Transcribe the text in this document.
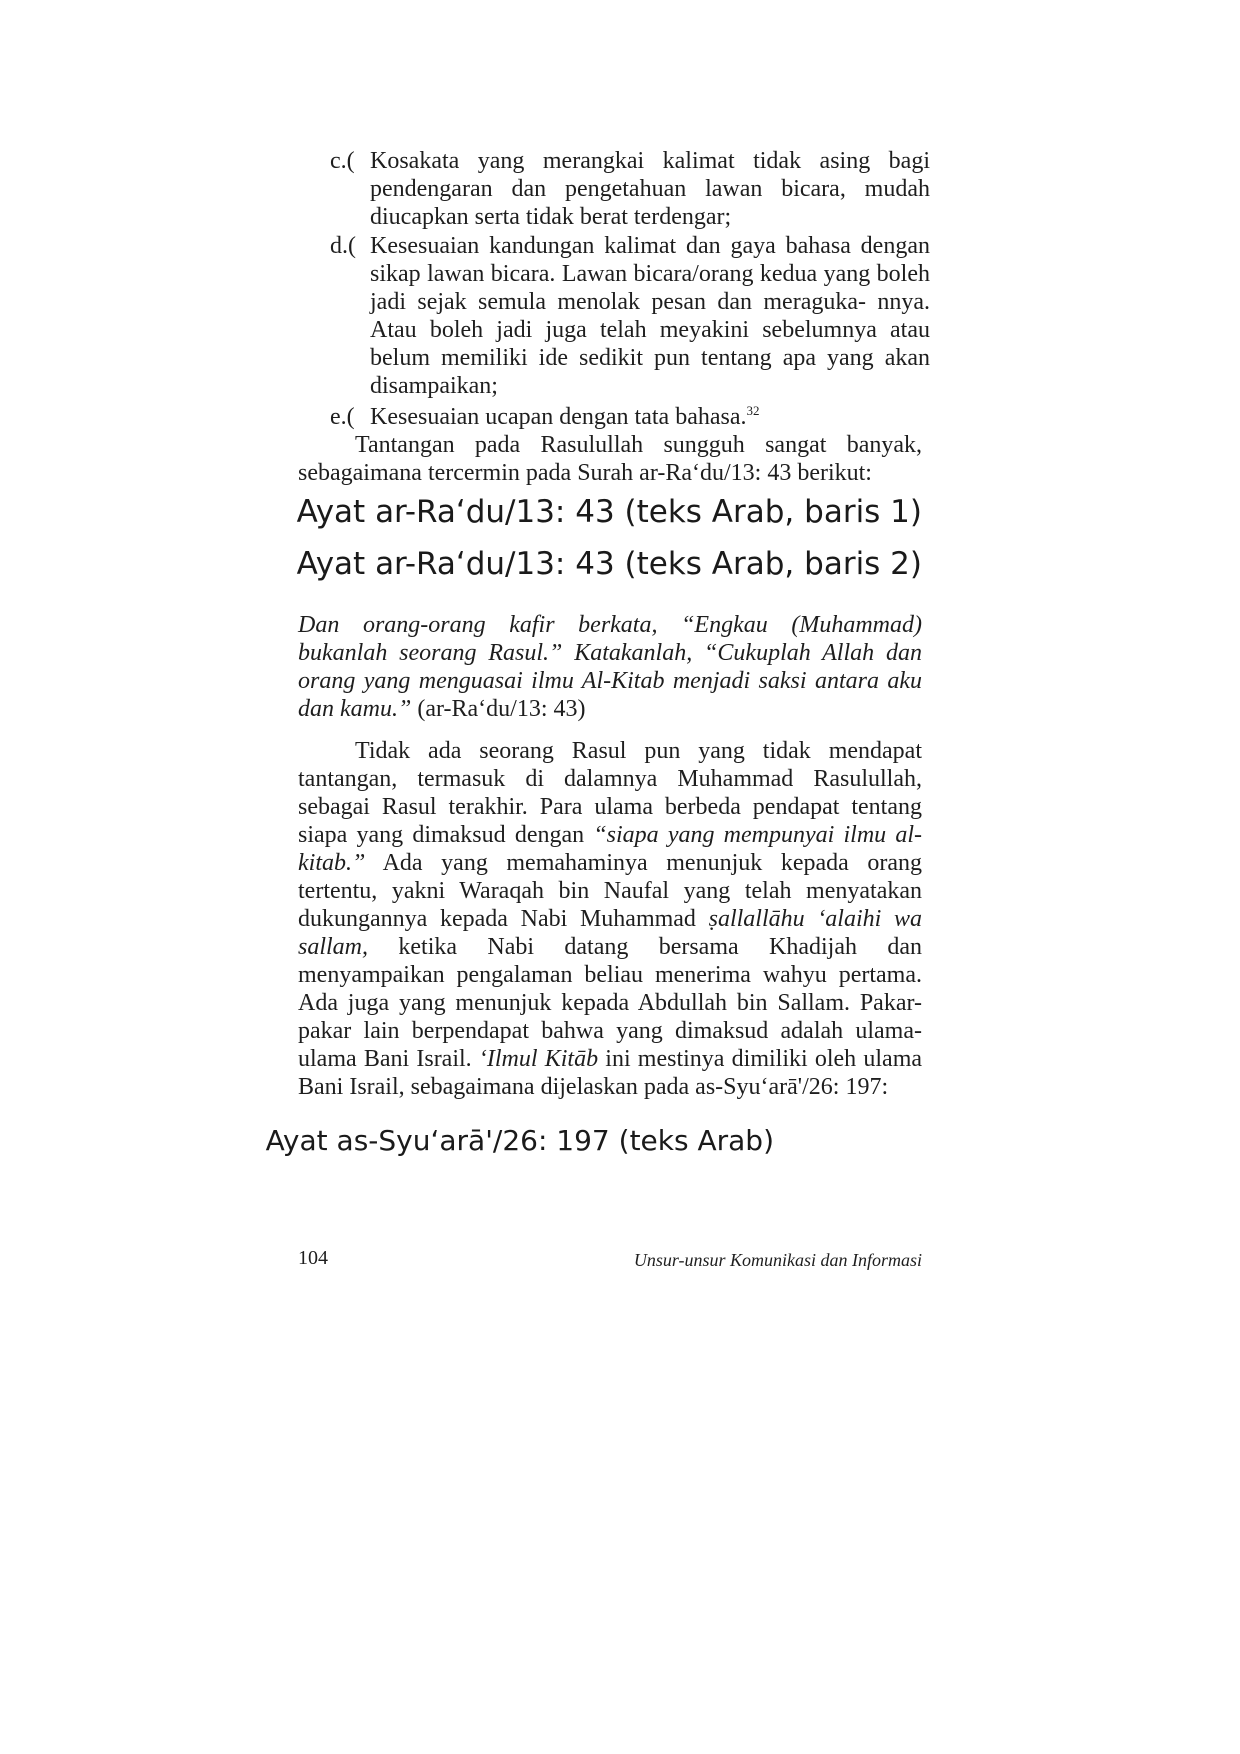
c.( Kosakata yang merangkai kalimat tidak asing bagi pendengaran dan pengetahuan lawan bicara, mudah diucapkan serta tidak berat terdengar;
d.( Kesesuaian kandungan kalimat dan gaya bahasa dengan sikap lawan bicara. Lawan bicara/orang kedua yang boleh jadi sejak semula menolak pesan dan meraguka- nnya. Atau boleh jadi juga telah meyakini sebelumnya atau belum memiliki ide sedikit pun tentang apa yang akan disampaikan;
e.( Kesesuaian ucapan dengan tata bahasa.$^{32}$
Tantangan pada Rasulullah sungguh sangat banyak, sebagaimana tercermin pada Surah ar-Ra‘du/13: 43 berikut:
Ayat ar-Ra‘du/13: 43 (teks Arab, baris 1)
Ayat ar-Ra‘du/13: 43 (teks Arab, baris 2)
Dan orang-orang kafir berkata, “Engkau (Muhammad) bukanlah seorang Rasul.” Katakanlah, “Cukuplah Allah dan orang yang menguasai ilmu Al-Kitab menjadi saksi antara aku dan kamu.” (ar-Ra‘du/13: 43)
Tidak ada seorang Rasul pun yang tidak mendapat tantangan, termasuk di dalamnya Muhammad Rasulullah, sebagai Rasul terakhir. Para ulama berbeda pendapat tentang siapa yang dimaksud dengan “siapa yang mempunyai ilmu al-kitab.” Ada yang memahaminya menunjuk kepada orang tertentu, yakni Waraqah bin Naufal yang telah menyatakan dukungannya kepada Nabi Muhammad ṣallallāhu ‘alaihi wa sallam, ketika Nabi datang bersama Khadijah dan menyampaikan pengalaman beliau menerima wahyu pertama. Ada juga yang menunjuk kepada Abdullah bin Sallam. Pakar-pakar lain berpendapat bahwa yang dimaksud adalah ulama-ulama Bani Israil. ‘Ilmul Kitāb ini mestinya dimiliki oleh ulama Bani Israil, sebagaimana dijelaskan pada as-Syu‘arā'/26: 197:
Ayat as-Syu‘arā'/26: 197 (teks Arab)
104	Unsur-unsur Komunikasi dan Informasi
